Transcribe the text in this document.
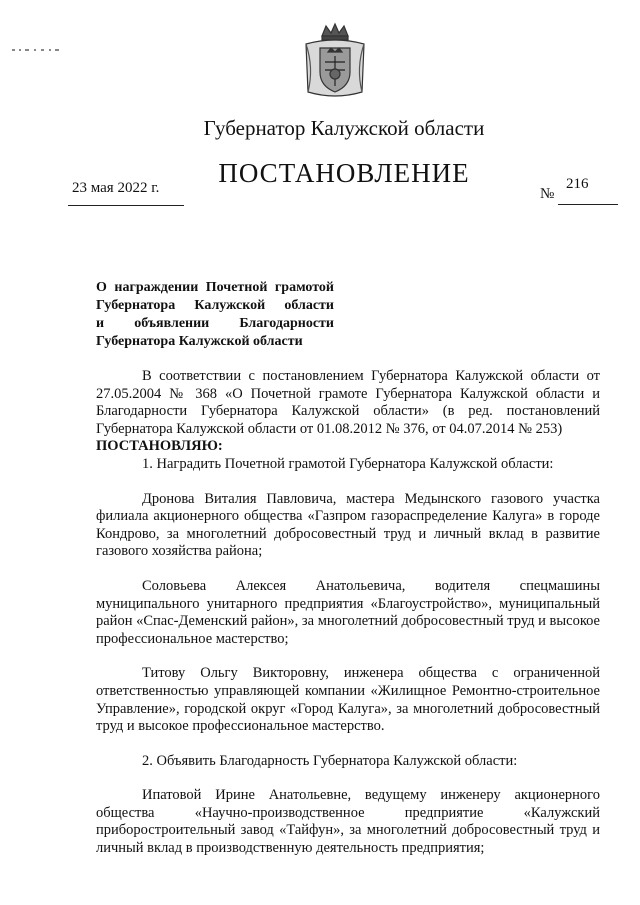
Губернатор Калужской области
ПОСТАНОВЛЕНИЕ
23 мая 2022 г.	№
216
О награждении Почетной грамотой
Губернатора Калужской области
и объявлении Благодарности
Губернатора Калужской области

В соответствии с постановлением Губернатора Калужской области от 27.05.2004 № 368 «О Почетной грамоте Губернатора Калужской области и Благодарности Губернатора Калужской области» (в ред. постановлений Губернатора Калужской области от 01.08.2012 № 376, от 04.07.2014 № 253)

ПОСТАНОВЛЯЮ:

1. Наградить Почетной грамотой Губернатора Калужской области:

Дронова Виталия Павловича, мастера Медынского газового участка филиала акционерного общества «Газпром газораспределение Калуга» в городе Кондрово, за многолетний добросовестный труд и личный вклад в развитие газового хозяйства района;

Соловьева Алексея Анатольевича, водителя спецмашины муниципального унитарного предприятия «Благоустройство», муниципальный район «Спас-Деменский район», за многолетний добросовестный труд и высокое профессиональное мастерство;

Титову Ольгу Викторовну, инженера общества с ограниченной ответственностью управляющей компании «Жилищное Ремонтно-строительное Управление», городской округ «Город Калуга», за многолетний добросовестный труд и высокое профессиональное мастерство.

2. Объявить Благодарность Губернатора Калужской области:

Ипатовой Ирине Анатольевне, ведущему инженеру акционерного общества «Научно-производственное предприятие «Калужский приборостроительный завод «Тайфун», за многолетний добросовестный труд и личный вклад в производственную деятельность предприятия;
